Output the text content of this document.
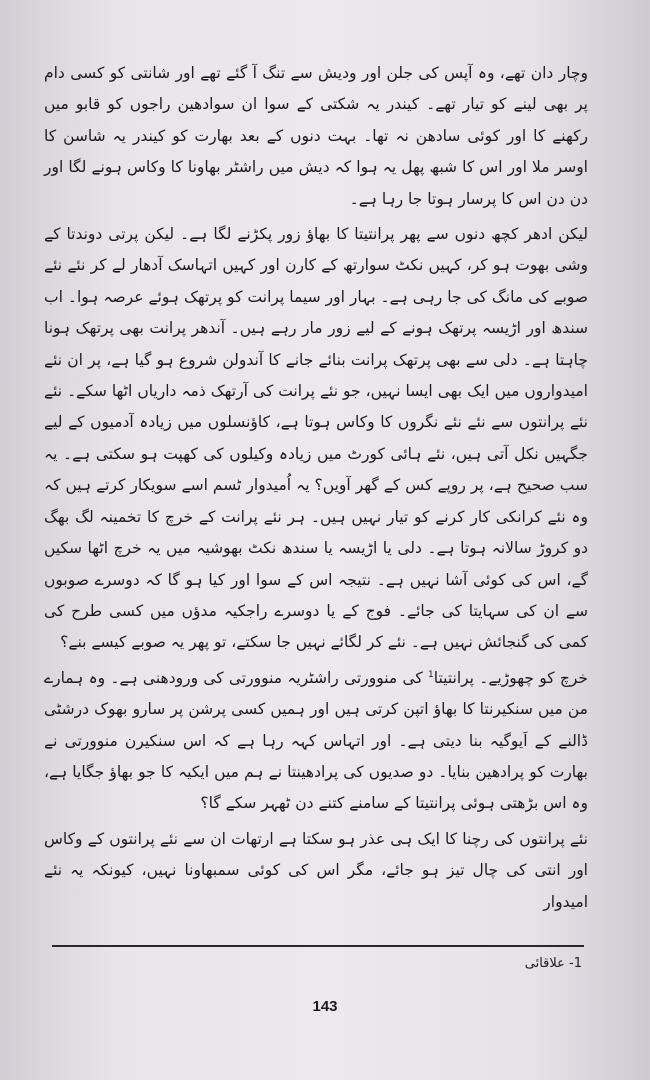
وچار دان تھے، وہ آپس کی جلن اور ودیش سے تنگ آ گئے تھے اور شانتی کو کسی دام پر بھی لینے کو تیار تھے۔ کیندر یہ شکتی کے سوا ان سوادھین راجوں کو قابو میں رکھنے کا اور کوئی سادھن نہ تھا۔ بہت دنوں کے بعد بھارت کو کیندر یہ شاسن کا اوسر ملا اور اس کا شبھ پھل یہ ہوا کہ دیش میں راشٹر بھاونا کا وکاس ہونے لگا اور دن دن اس کا پرسار ہوتا جا رہا ہے۔

لیکن ادھر کچھ دنوں سے پھر پرانتیتا کا بھاؤ زور پکڑنے لگا ہے۔ لیکن پرتی دوندتا کے وشی بھوت ہو کر، کہیں نکٹ سوارتھ کے کارن اور کہیں اتہاسک آدھار لے کر نئے نئے صوبے کی مانگ کی جا رہی ہے۔ بہار اور سیما پرانت کو پرتھک ہوئے عرصہ ہوا۔ اب سندھ اور اڑیسہ پرتھک ہونے کے لیے زور مار رہے ہیں۔ آندھر پرانت بھی پرتھک ہونا چاہتا ہے۔ دلی سے بھی پرتھک پرانت بنائے جانے کا آندولن شروع ہو گیا ہے، پر ان نئے امیدواروں میں ایک بھی ایسا نہیں، جو نئے پرانت کی آرتھک ذمہ داریاں اٹھا سکے۔ نئے نئے پرانتوں سے نئے نئے نگروں کا وکاس ہوتا ہے، کاؤنسلوں میں زیادہ آدمیوں کے لیے جگہیں نکل آتی ہیں، نئے ہائی کورٹ میں زیادہ وکیلوں کی کھپت ہو سکتی ہے۔ یہ سب صحیح ہے، پر روپے کس کے گھر آویں؟ یہ اُمیدوار ٹسم اسے سویکار کرتے ہیں کہ وہ نئے کرانکی کار کرنے کو تیار نہیں ہیں۔ ہر نئے پرانت کے خرچ کا تخمینہ لگ بھگ دو کروڑ سالانہ ہوتا ہے۔ دلی یا اڑیسہ یا سندھ نکٹ بھوشیہ میں یہ خرچ اٹھا سکیں گے، اس کی کوئی آشا نہیں ہے۔ نتیجہ اس کے سوا اور کیا ہو گا کہ دوسرے صوبوں سے ان کی سہایتا کی جائے۔ فوج کے یا دوسرے راجکیہ مدؤں میں کسی طرح کی کمی کی گنجائش نہیں ہے۔ نئے کر لگائے نہیں جا سکتے، تو پھر یہ صوبے کیسے بنے؟

خرچ کو چھوڑیے۔ پرانتیتا$^1$ کی منوورتی راشٹریہ منوورتی کی ورودھنی ہے۔ وہ ہمارے من میں سنکیرنتا کا بھاؤ اتپن کرتی ہیں اور ہمیں کسی پرشن پر سارو بھوک درشٹی ڈالنے کے اَیوگیہ بنا دیتی ہے۔ اور اتہاس کہہ رہا ہے کہ اس سنکیرن منوورتی نے بھارت کو پرادھین بنایا۔ دو صدیوں کی پرادھینتا نے ہم میں ایکیہ کا جو بھاؤ جگایا ہے، وہ اس بڑھتی ہوئی پرانتیتا کے سامنے کتنے دن ٹھہر سکے گا؟

نئے پرانتوں کی رچنا کا ایک ہی عذر ہو سکتا ہے ارتھات ان سے نئے پرانتوں کے وکاس اور انتی کی چال تیز ہو جائے، مگر اس کی کوئی سمبھاونا نہیں، کیونکہ یہ نئے امیدوار

1- علاقائی
143
